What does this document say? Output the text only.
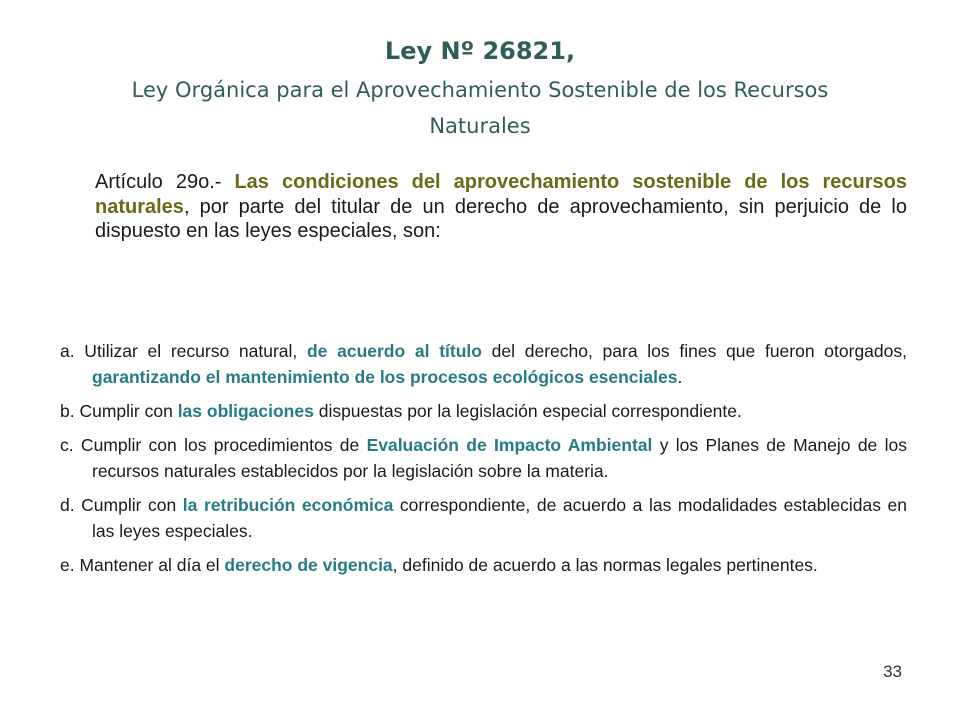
Ley Nº 26821,

Ley Orgánica para el Aprovechamiento Sostenible de los Recursos Naturales

Artículo 29o.- Las condiciones del aprovechamiento sostenible de los recursos naturales, por parte del titular de un derecho de aprovechamiento, sin perjuicio de lo dispuesto en las leyes especiales, son:

a. Utilizar el recurso natural, de acuerdo al título del derecho, para los fines que fueron otorgados, garantizando el mantenimiento de los procesos ecológicos esenciales.
b. Cumplir con las obligaciones dispuestas por la legislación especial correspondiente.
c. Cumplir con los procedimientos de Evaluación de Impacto Ambiental y los Planes de Manejo de los recursos naturales establecidos por la legislación sobre la materia.
d. Cumplir con la retribución económica correspondiente, de acuerdo a las modalidades establecidas en las leyes especiales.
e. Mantener al día el derecho de vigencia, definido de acuerdo a las normas legales pertinentes.
33
